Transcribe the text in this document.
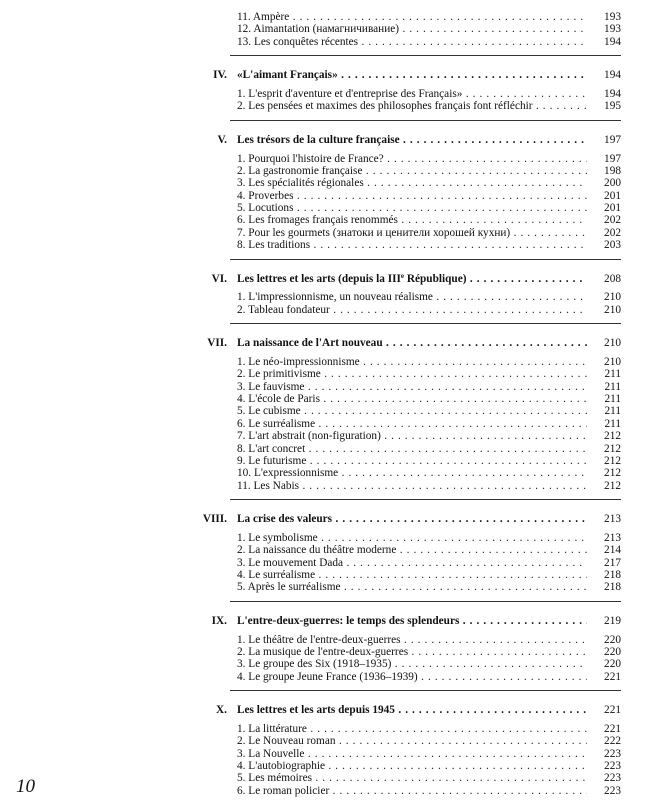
11. Ampère . . .	193
12. Aimantation (намагничивание) . . .	193
13. Les conquêtes récentes . . .	194
IV. «L'aimant Français» . . .	194
1. L'esprit d'aventure et d'entreprise des Français» . . .	194
2. Les pensées et maximes des philosophes français font réfléchir . . .	195
V. Les trésors de la culture française . . .	197
1. Pourquoi l'histoire de France? . . .	197
2. La gastronomie française . . .	198
3. Les spécialités régionales . . .	200
4. Proverbes . . .	201
5. Locutions . . .	201
6. Les fromages français renommés . . .	202
7. Pour les gourmets (знатоки и ценители хорошей кухни) . . .	202
8. Les traditions . . .	203
VI. Les lettres et les arts (depuis la IIIe République) . . .	208
1. L'impressionnisme, un nouveau réalisme . . .	210
2. Tableau fondateur . . .	210
VII. La naissance de l'Art nouveau . . .	210
1. Le néo-impressionnisme . . .	210
2. Le primitivisme . . .	211
3. Le fauvisme . . .	211
4. L'école de Paris . . .	211
5. Le cubisme . . .	211
6. Le surréalisme . . .	211
7. L'art abstrait (non-figuration) . . .	212
8. L'art concret . . .	212
9. Le futurisme . . .	212
10. L'expressionnisme . . .	212
11. Les Nabis . . .	212
VIII. La crise des valeurs . . .	213
1. Le symbolisme . . .	213
2. La naissance du théâtre moderne . . .	214
3. Le mouvement Dada . . .	217
4. Le surréalisme . . .	218
5. Après le surréalisme . . .	218
IX. L'entre-deux-guerres: le temps des splendeurs . . .	219
1. Le théâtre de l'entre-deux-guerres . . .	220
2. La musique de l'entre-deux-guerres . . .	220
3. Le groupe des Six (1918–1935) . . .	220
4. Le groupe Jeune France (1936–1939) . . .	221
X. Les lettres et les arts depuis 1945 . . .	221
1. La littérature . . .	221
2. Le Nouveau roman . . .	222
3. La Nouvelle . . .	223
4. L'autobiographie . . .	223
5. Les mémoires . . .	223
6. Le roman policier . . .	223
10
